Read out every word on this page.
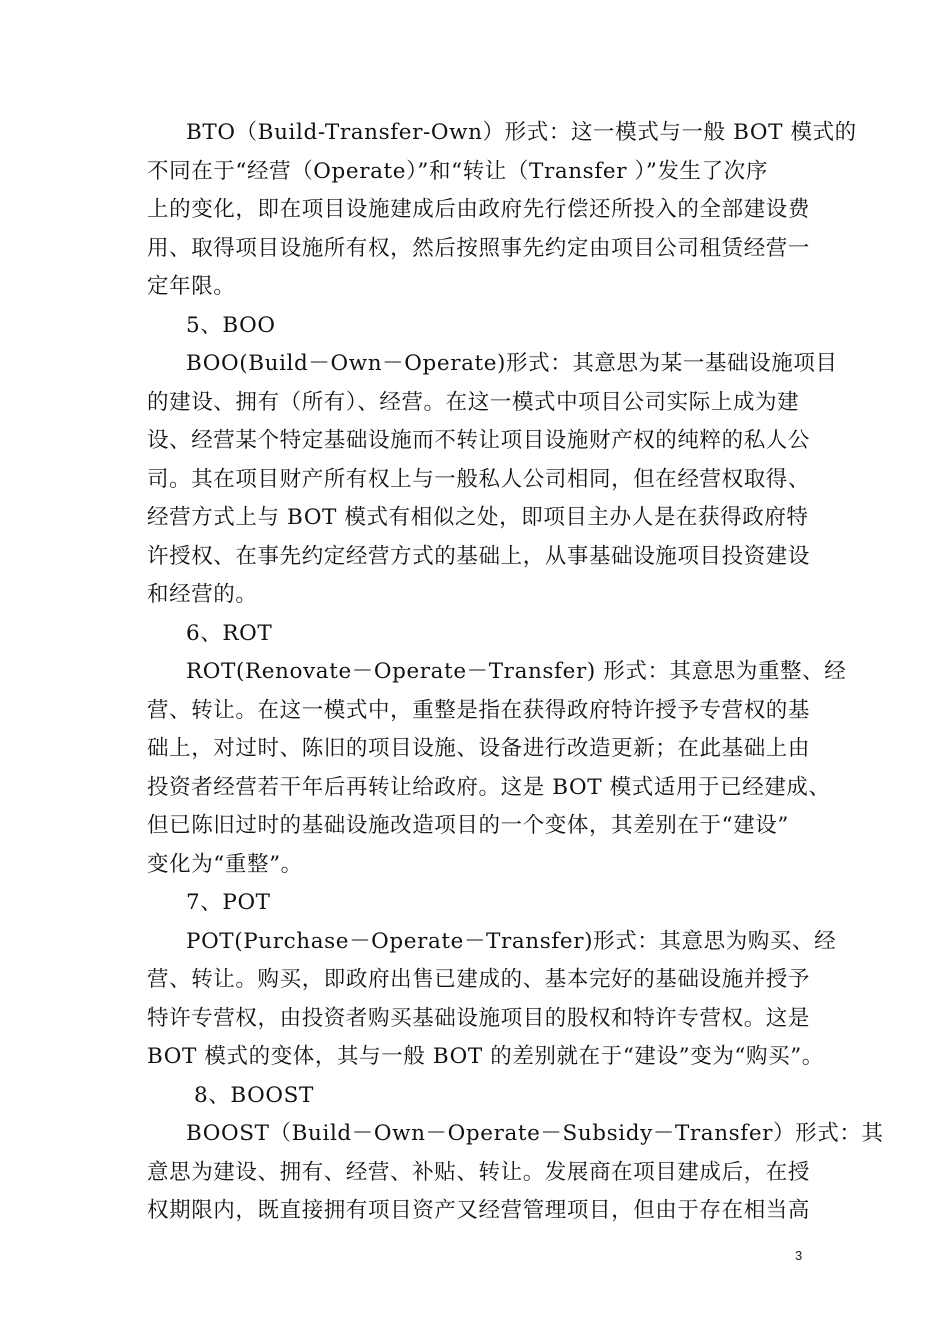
BTO（Build-Transfer-Own）形式：这一模式与一般 BOT 模式的
不同在于“经营（Operate）”和“转让（Transfer ）”发生了次序
上的变化，即在项目设施建成后由政府先行偿还所投入的全部建设费
用、取得项目设施所有权，然后按照事先约定由项目公司租赁经营一
定年限。
5、BOO
BOO(Build－Own－Operate)形式：其意思为某一基础设施项目
的建设、拥有（所有）、经营。在这一模式中项目公司实际上成为建
设、经营某个特定基础设施而不转让项目设施财产权的纯粹的私人公
司。其在项目财产所有权上与一般私人公司相同，但在经营权取得、
经营方式上与 BOT 模式有相似之处，即项目主办人是在获得政府特
许授权、在事先约定经营方式的基础上，从事基础设施项目投资建设
和经营的。
6、ROT
ROT(Renovate－Operate－Transfer) 形式：其意思为重整、经
营、转让。在这一模式中，重整是指在获得政府特许授予专营权的基
础上，对过时、陈旧的项目设施、设备进行改造更新；在此基础上由
投资者经营若干年后再转让给政府。这是 BOT 模式适用于已经建成、
但已陈旧过时的基础设施改造项目的一个变体，其差别在于“建设”
变化为“重整”。
7、POT
POT(Purchase－Operate－Transfer)形式：其意思为购买、经
营、转让。购买，即政府出售已建成的、基本完好的基础设施并授予
特许专营权，由投资者购买基础设施项目的股权和特许专营权。这是
BOT 模式的变体，其与一般 BOT 的差别就在于“建设”变为“购买”。
8、BOOST
BOOST（Build－Own－Operate－Subsidy－Transfer）形式：其
意思为建设、拥有、经营、补贴、转让。发展商在项目建成后，在授
权期限内，既直接拥有项目资产又经营管理项目，但由于存在相当高
3
